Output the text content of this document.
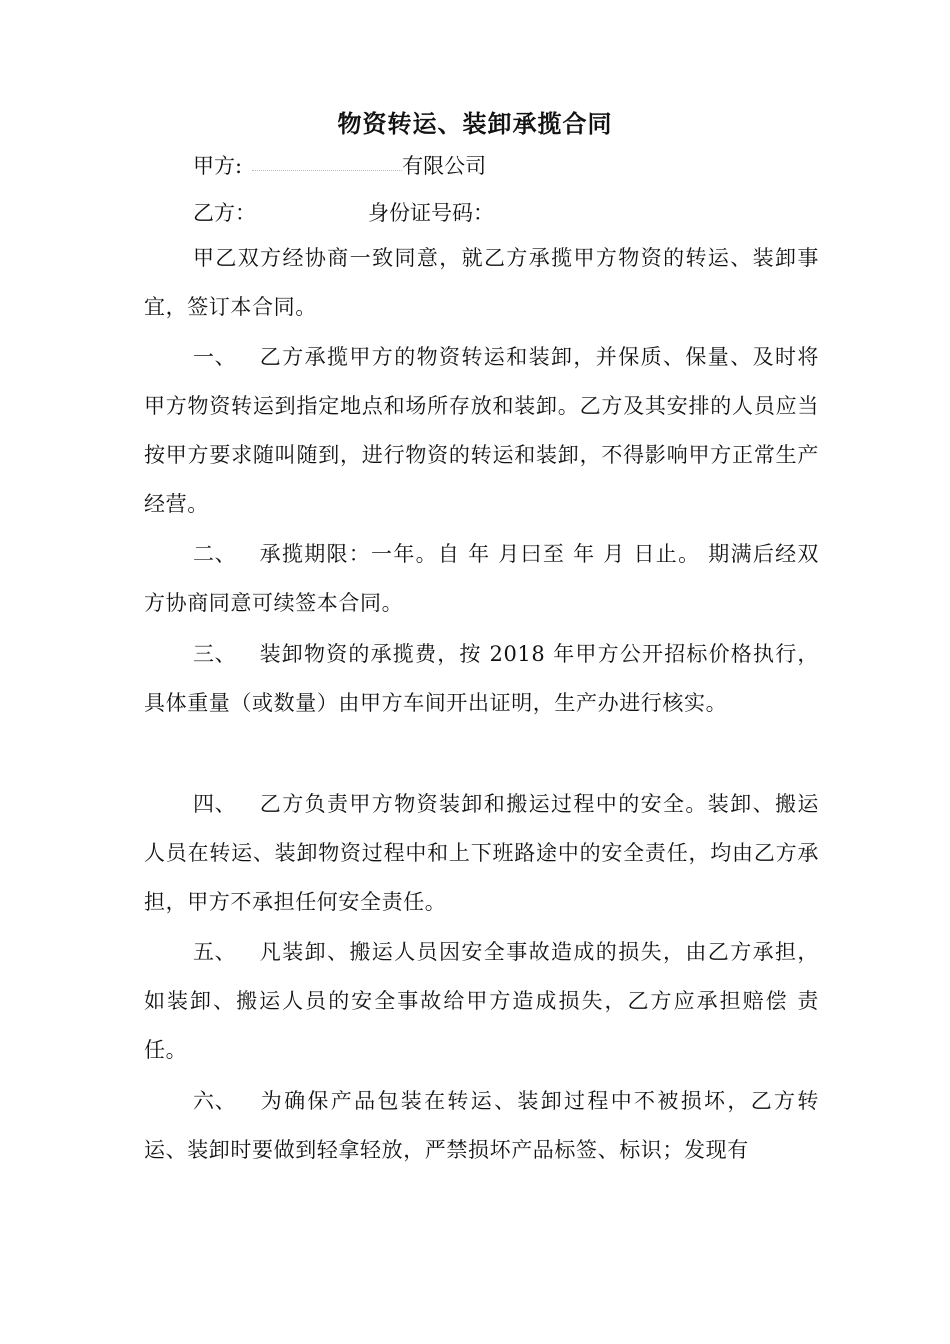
物资转运、装卸承揽合同
甲方:	有限公司
乙方：	身份证号码：

甲乙双方经协商一致同意，就乙方承揽甲方物资的转运、装卸事宜，签订本合同。

一、 乙方承揽甲方的物资转运和装卸，并保质、保量、及时将甲方物资转运到指定地点和场所存放和装卸。乙方及其安排的人员应当按甲方要求随叫随到，进行物资的转运和装卸，不得影响甲方正常生产经营。

二、 承揽期限：一年。自 年 月曰至 年 月 日止。 期满后经双方协商同意可续签本合同。

三、 装卸物资的承揽费，按 2018 年甲方公开招标价格执行， 具体重量（或数量）由甲方车间开出证明，生产办进行核实。

四、 乙方负责甲方物资装卸和搬运过程中的安全。装卸、搬运人员在转运、装卸物资过程中和上下班路途中的安全责任，均由乙方承担，甲方不承担任何安全责任。

五、 凡装卸、搬运人员因安全事故造成的损失，由乙方承担， 如装卸、搬运人员的安全事故给甲方造成损失，乙方应承担赔偿 责任。

六、 为确保产品包装在转运、装卸过程中不被损坏，乙方转运、装卸时要做到轻拿轻放，严禁损坏产品标签、标识；发现有
